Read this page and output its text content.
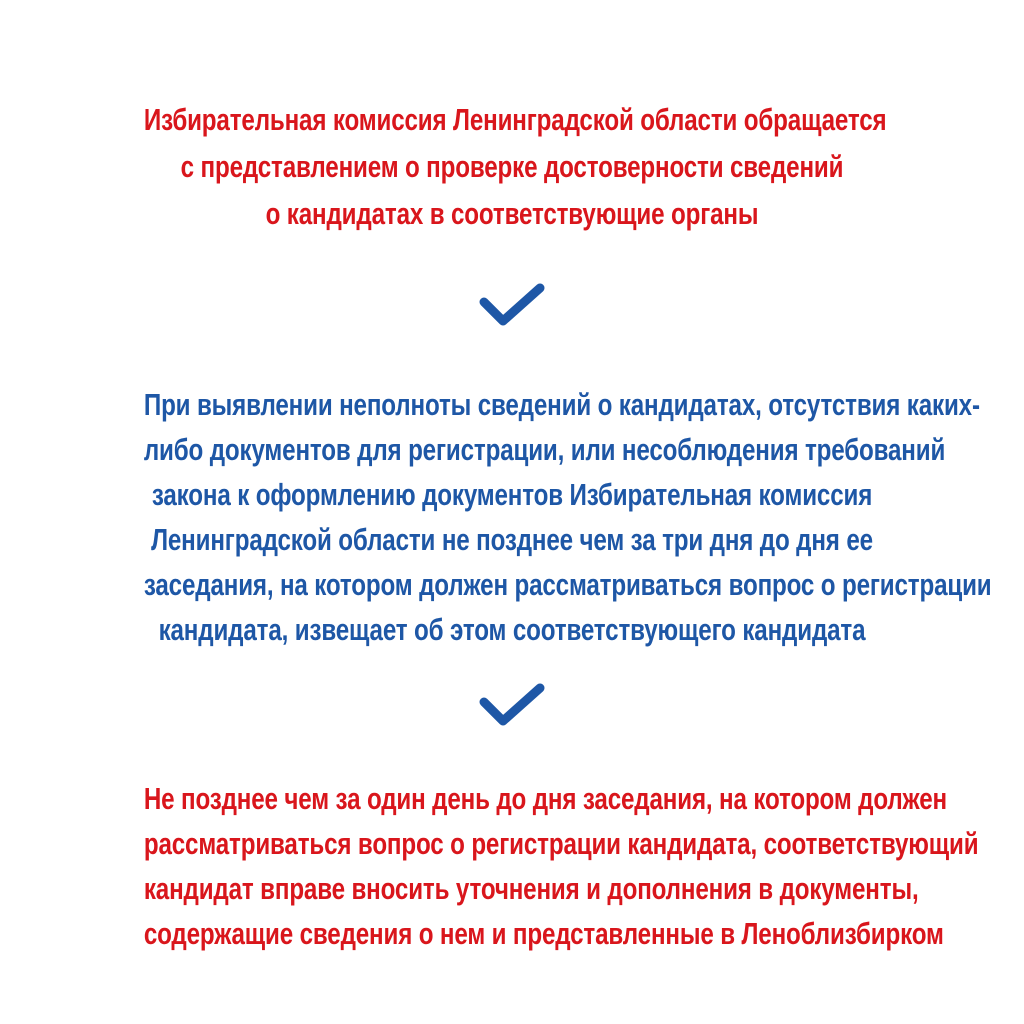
Избирательная комиссия Ленинградской области обращается
с представлением о проверке достоверности сведений
о кандидатах в соответствующие органы
При выявлении неполноты сведений о кандидатах, отсутствия каких-
либо документов для регистрации, или несоблюдения требований
закона к оформлению документов Избирательная комиссия
Ленинградской области не позднее чем за три дня до дня ее
заседания, на котором должен рассматриваться вопрос о регистрации
кандидата, извещает об этом соответствующего кандидата
Не позднее чем за один день до дня заседания, на котором должен
рассматриваться вопрос о регистрации кандидата, соответствующий
кандидат вправе вносить уточнения и дополнения в документы,
содержащие сведения о нем и представленные в Леноблизбирком
